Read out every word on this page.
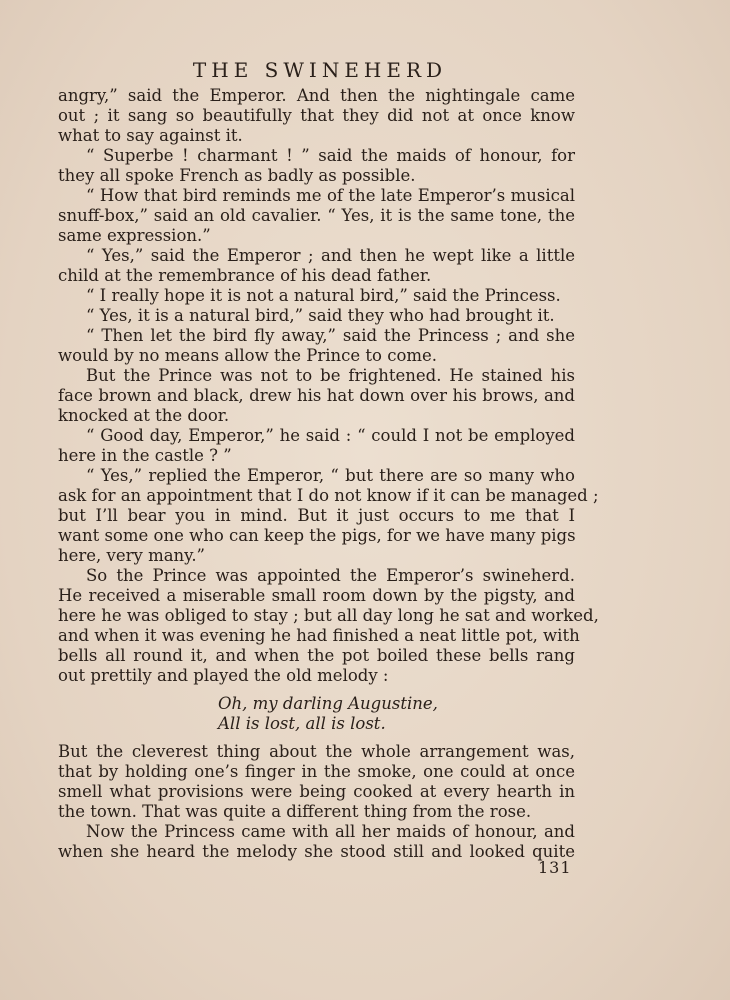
THE SWINEHERD
angry,” said the Emperor. And then the nightingale came
out ; it sang so beautifully that they did not at once know
what to say against it.
“ Superbe ! charmant ! ” said the maids of honour, for
they all spoke French as badly as possible.
“ How that bird reminds me of the late Emperor’s musical
snuff-box,” said an old cavalier. “ Yes, it is the same tone, the
same expression.”
“ Yes,” said the Emperor ; and then he wept like a little
child at the remembrance of his dead father.
“ I really hope it is not a natural bird,” said the Princess.
“ Yes, it is a natural bird,” said they who had brought it.
“ Then let the bird fly away,” said the Princess ; and she
would by no means allow the Prince to come.
But the Prince was not to be frightened. He stained his
face brown and black, drew his hat down over his brows, and
knocked at the door.
“ Good day, Emperor,” he said : “ could I not be employed
here in the castle ? ”
“ Yes,” replied the Emperor, “ but there are so many who
ask for an appointment that I do not know if it can be managed ;
but I’ll bear you in mind. But it just occurs to me that I
want some one who can keep the pigs, for we have many pigs
here, very many.”
So the Prince was appointed the Emperor’s swineherd.
He received a miserable small room down by the pigsty, and
here he was obliged to stay ; but all day long he sat and worked,
and when it was evening he had finished a neat little pot, with
bells all round it, and when the pot boiled these bells rang
out prettily and played the old melody :
Oh, my darling Augustine,
All is lost, all is lost.
But the cleverest thing about the whole arrangement was,
that by holding one’s finger in the smoke, one could at once
smell what provisions were being cooked at every hearth in
the town. That was quite a different thing from the rose.
Now the Princess came with all her maids of honour, and
when she heard the melody she stood still and looked quite
131
